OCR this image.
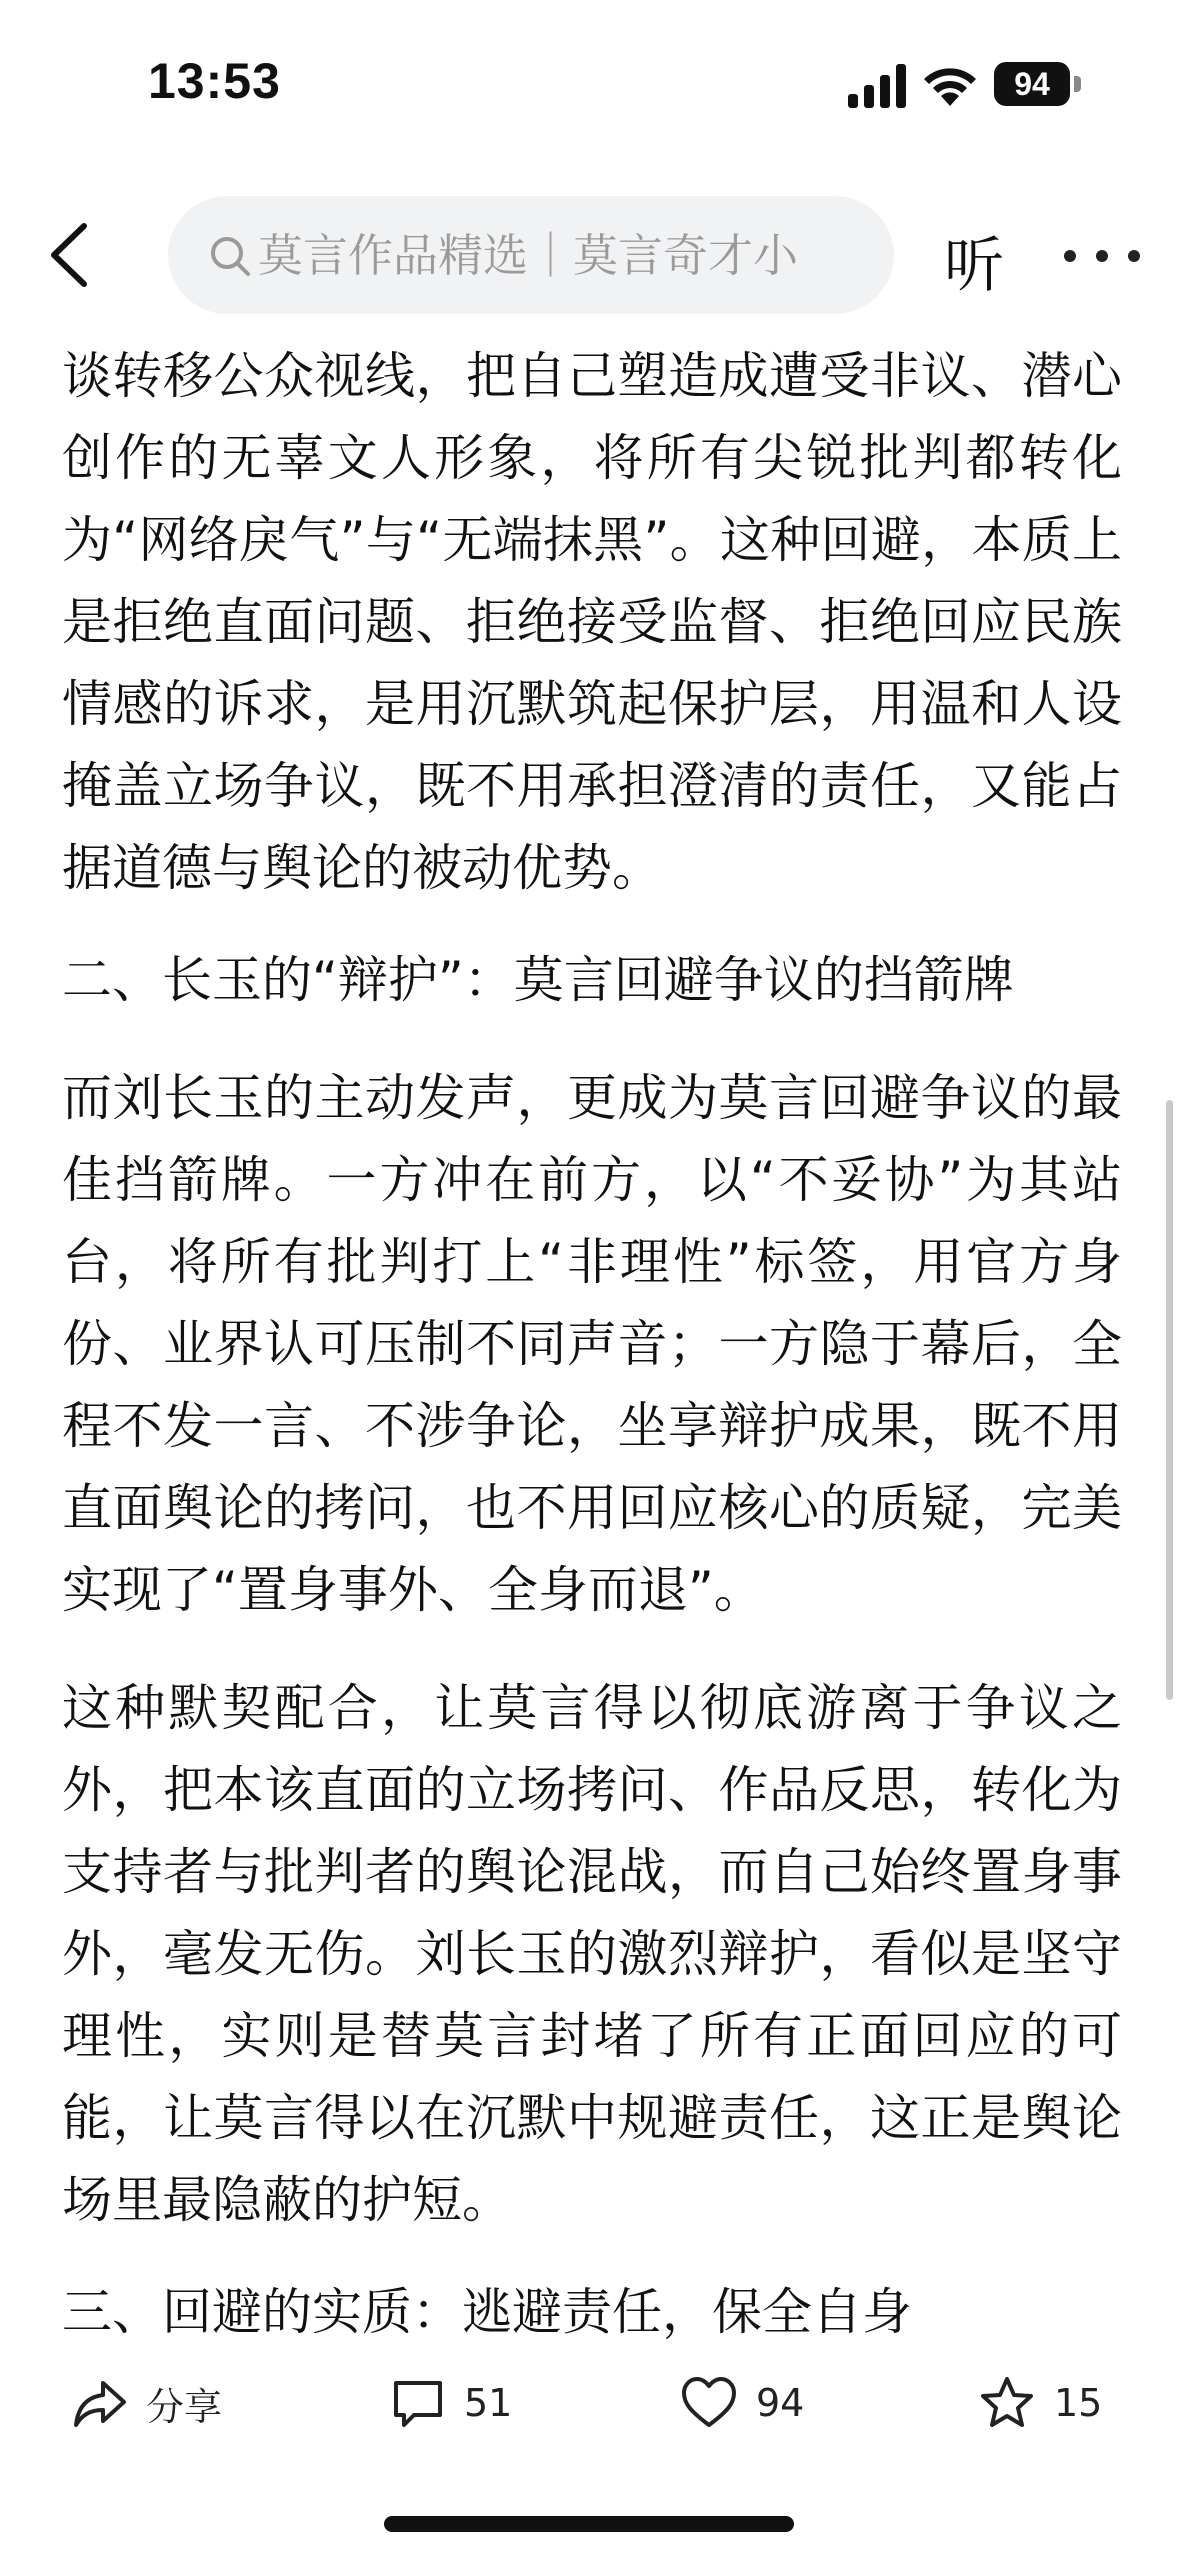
13:53	94
莫言作品精选｜莫言奇才小
听

谈转移公众视线，把自己塑造成遭受非议、潜心创作的无辜文人形象，将所有尖锐批判都转化为“网络戾气”与“无端抹黑”。这种回避，本质上是拒绝直面问题、拒绝接受监督、拒绝回应民族情感的诉求，是用沉默筑起保护层，用温和人设掩盖立场争议，既不用承担澄清的责任，又能占据道德与舆论的被动优势。

二、长玉的“辩护”：莫言回避争议的挡箭牌

而刘长玉的主动发声，更成为莫言回避争议的最佳挡箭牌。一方冲在前方，以“不妥协”为其站台，将所有批判打上“非理性”标签，用官方身份、业界认可压制不同声音；一方隐于幕后，全程不发一言、不涉争论，坐享辩护成果，既不用直面舆论的拷问，也不用回应核心的质疑，完美实现了“置身事外、全身而退”。

这种默契配合，让莫言得以彻底游离于争议之外，把本该直面的立场拷问、作品反思，转化为支持者与批判者的舆论混战，而自己始终置身事外，毫发无伤。刘长玉的激烈辩护，看似是坚守理性，实则是替莫言封堵了所有正面回应的可能，让莫言得以在沉默中规避责任，这正是舆论场里最隐蔽的护短。

三、回避的实质：逃避责任，保全自身

分享	51	94	15
